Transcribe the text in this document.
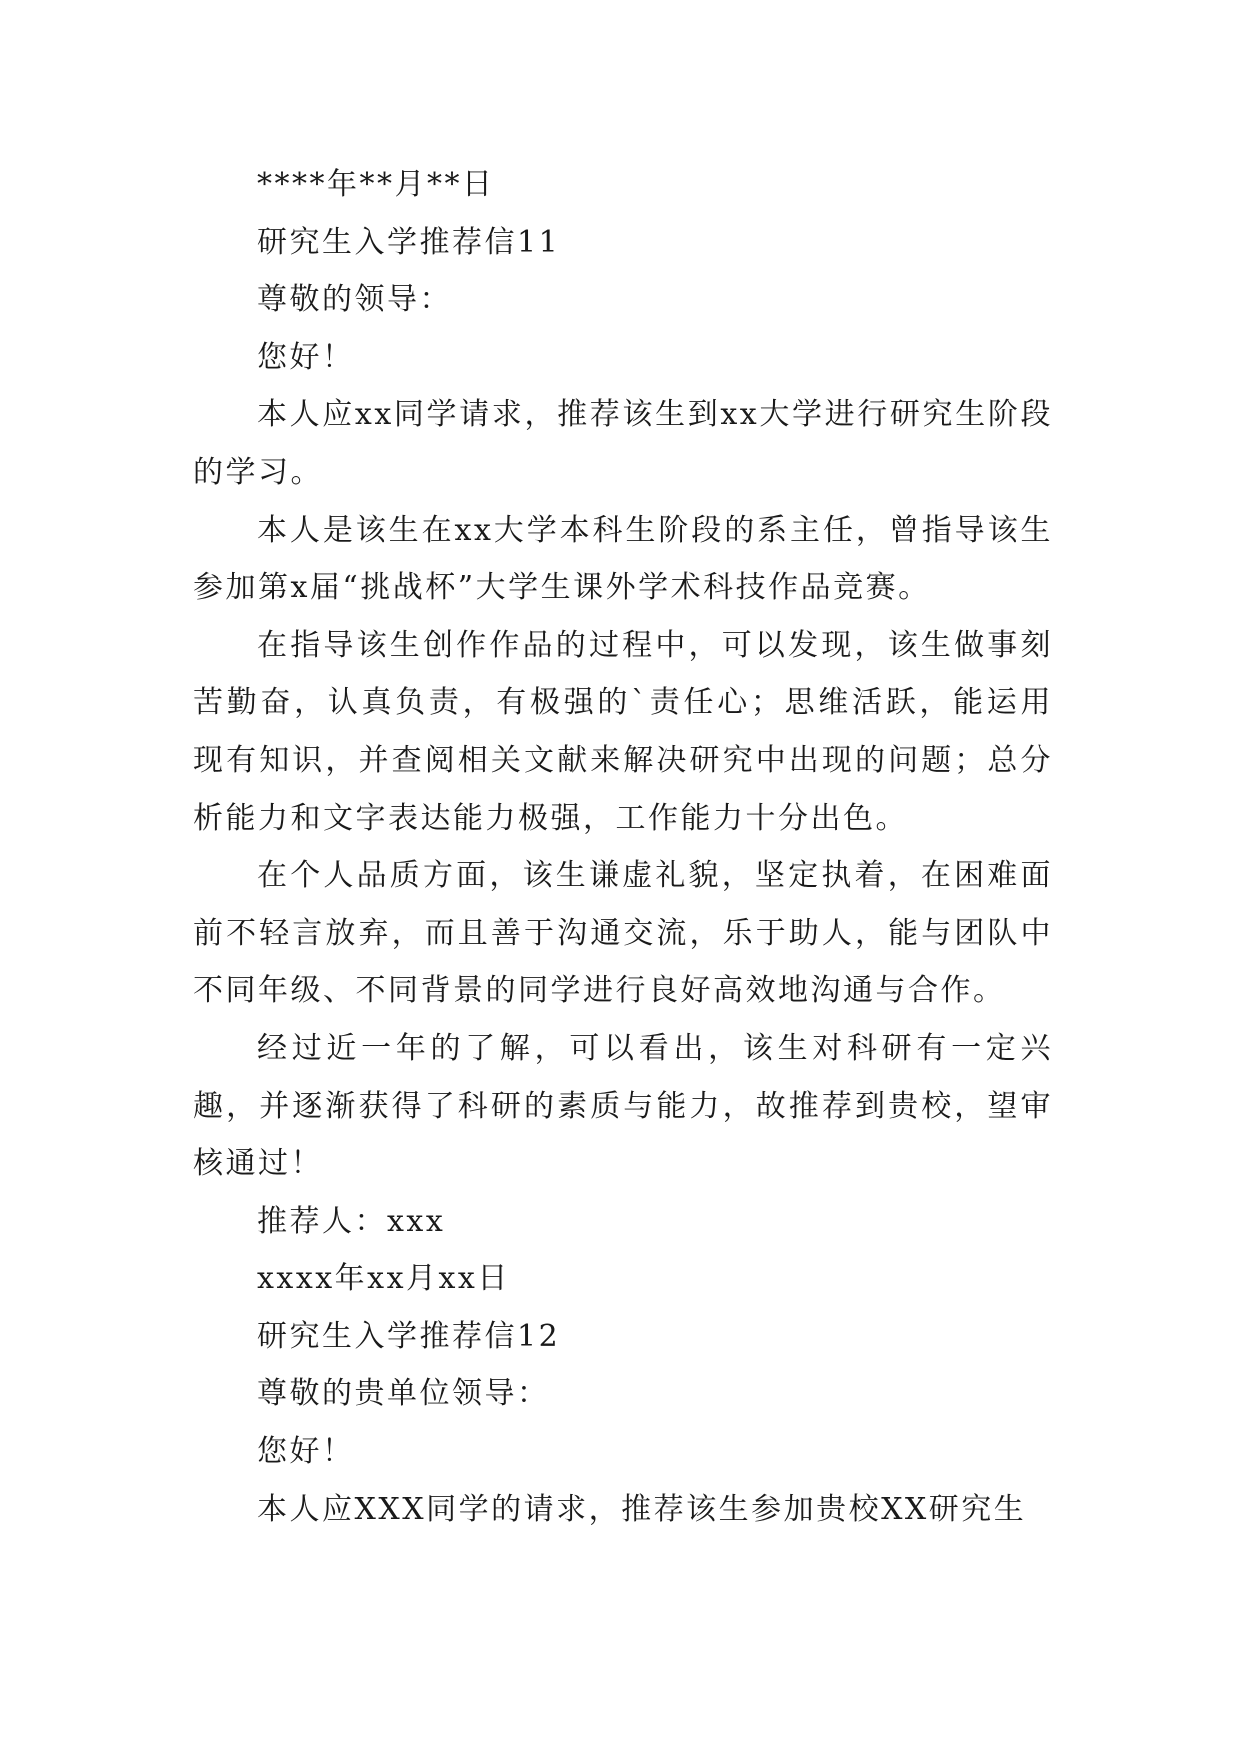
****年**月**日

研究生入学推荐信11

尊敬的领导：

您好！

本人应xx同学请求，推荐该生到xx大学进行研究生阶段的学习。

本人是该生在xx大学本科生阶段的系主任，曾指导该生参加第x届“挑战杯”大学生课外学术科技作品竞赛。

在指导该生创作作品的过程中，可以发现，该生做事刻苦勤奋，认真负责，有极强的`责任心；思维活跃，能运用现有知识，并查阅相关文献来解决研究中出现的问题；总分析能力和文字表达能力极强，工作能力十分出色。

在个人品质方面，该生谦虚礼貌，坚定执着，在困难面前不轻言放弃，而且善于沟通交流，乐于助人，能与团队中不同年级、不同背景的同学进行良好高效地沟通与合作。

经过近一年的了解，可以看出，该生对科研有一定兴趣，并逐渐获得了科研的素质与能力，故推荐到贵校，望审核通过！

推荐人：xxx

xxxx年xx月xx日

研究生入学推荐信12

尊敬的贵单位领导：

您好！

本人应XXX同学的请求，推荐该生参加贵校XX研究生
